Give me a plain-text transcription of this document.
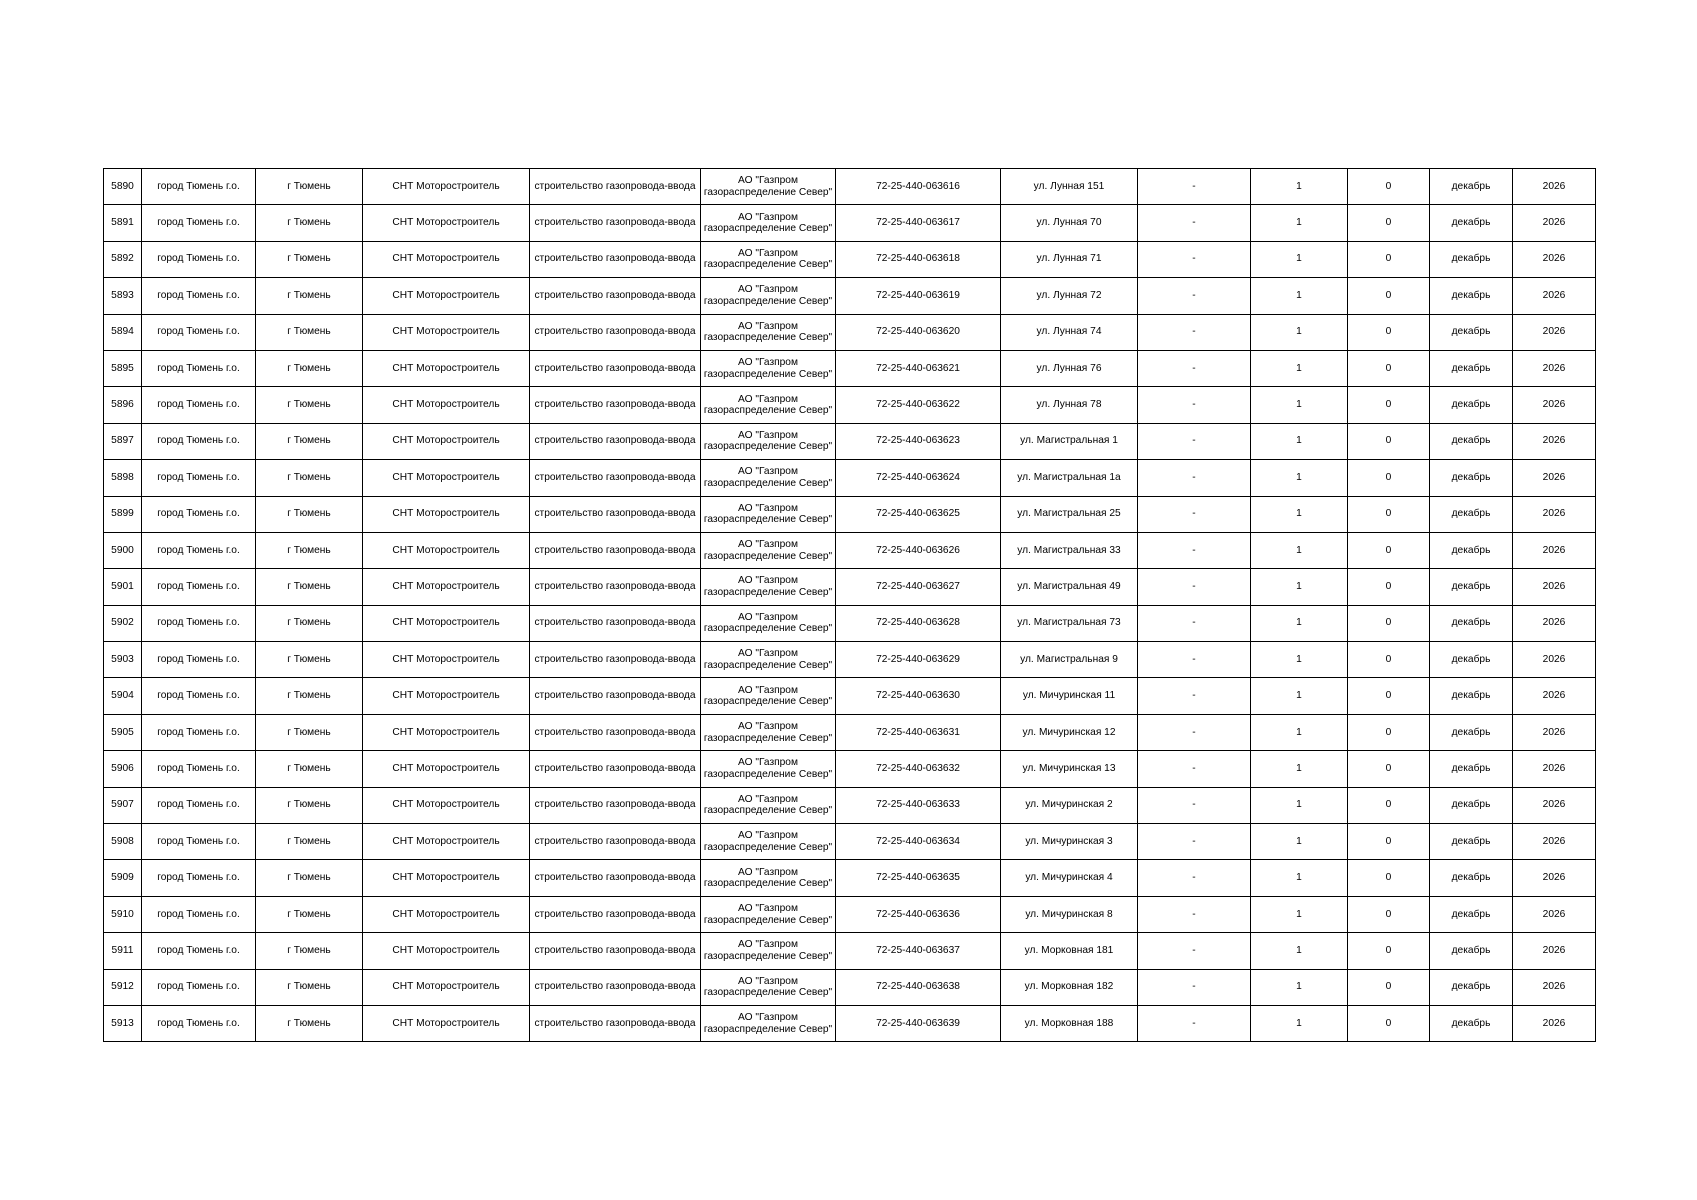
5890	город Тюмень г.о.	г Тюмень	СНТ Моторостроитель	строительство газопровода-ввода	АО "Газпром
газораспределение Север"	72-25-440-063616	ул. Лунная 151	-	1	0	декабрь	2026
5891	город Тюмень г.о.	г Тюмень	СНТ Моторостроитель	строительство газопровода-ввода	АО "Газпром
газораспределение Север"	72-25-440-063617	ул. Лунная 70	-	1	0	декабрь	2026
5892	город Тюмень г.о.	г Тюмень	СНТ Моторостроитель	строительство газопровода-ввода	АО "Газпром
газораспределение Север"	72-25-440-063618	ул. Лунная 71	-	1	0	декабрь	2026
5893	город Тюмень г.о.	г Тюмень	СНТ Моторостроитель	строительство газопровода-ввода	АО "Газпром
газораспределение Север"	72-25-440-063619	ул. Лунная 72	-	1	0	декабрь	2026
5894	город Тюмень г.о.	г Тюмень	СНТ Моторостроитель	строительство газопровода-ввода	АО "Газпром
газораспределение Север"	72-25-440-063620	ул. Лунная 74	-	1	0	декабрь	2026
5895	город Тюмень г.о.	г Тюмень	СНТ Моторостроитель	строительство газопровода-ввода	АО "Газпром
газораспределение Север"	72-25-440-063621	ул. Лунная 76	-	1	0	декабрь	2026
5896	город Тюмень г.о.	г Тюмень	СНТ Моторостроитель	строительство газопровода-ввода	АО "Газпром
газораспределение Север"	72-25-440-063622	ул. Лунная 78	-	1	0	декабрь	2026
5897	город Тюмень г.о.	г Тюмень	СНТ Моторостроитель	строительство газопровода-ввода	АО "Газпром
газораспределение Север"	72-25-440-063623	ул. Магистральная 1	-	1	0	декабрь	2026
5898	город Тюмень г.о.	г Тюмень	СНТ Моторостроитель	строительство газопровода-ввода	АО "Газпром
газораспределение Север"	72-25-440-063624	ул. Магистральная 1а	-	1	0	декабрь	2026
5899	город Тюмень г.о.	г Тюмень	СНТ Моторостроитель	строительство газопровода-ввода	АО "Газпром
газораспределение Север"	72-25-440-063625	ул. Магистральная 25	-	1	0	декабрь	2026
5900	город Тюмень г.о.	г Тюмень	СНТ Моторостроитель	строительство газопровода-ввода	АО "Газпром
газораспределение Север"	72-25-440-063626	ул. Магистральная 33	-	1	0	декабрь	2026
5901	город Тюмень г.о.	г Тюмень	СНТ Моторостроитель	строительство газопровода-ввода	АО "Газпром
газораспределение Север"	72-25-440-063627	ул. Магистральная 49	-	1	0	декабрь	2026
5902	город Тюмень г.о.	г Тюмень	СНТ Моторостроитель	строительство газопровода-ввода	АО "Газпром
газораспределение Север"	72-25-440-063628	ул. Магистральная 73	-	1	0	декабрь	2026
5903	город Тюмень г.о.	г Тюмень	СНТ Моторостроитель	строительство газопровода-ввода	АО "Газпром
газораспределение Север"	72-25-440-063629	ул. Магистральная 9	-	1	0	декабрь	2026
5904	город Тюмень г.о.	г Тюмень	СНТ Моторостроитель	строительство газопровода-ввода	АО "Газпром
газораспределение Север"	72-25-440-063630	ул. Мичуринская 11	-	1	0	декабрь	2026
5905	город Тюмень г.о.	г Тюмень	СНТ Моторостроитель	строительство газопровода-ввода	АО "Газпром
газораспределение Север"	72-25-440-063631	ул. Мичуринская 12	-	1	0	декабрь	2026
5906	город Тюмень г.о.	г Тюмень	СНТ Моторостроитель	строительство газопровода-ввода	АО "Газпром
газораспределение Север"	72-25-440-063632	ул. Мичуринская 13	-	1	0	декабрь	2026
5907	город Тюмень г.о.	г Тюмень	СНТ Моторостроитель	строительство газопровода-ввода	АО "Газпром
газораспределение Север"	72-25-440-063633	ул. Мичуринская 2	-	1	0	декабрь	2026
5908	город Тюмень г.о.	г Тюмень	СНТ Моторостроитель	строительство газопровода-ввода	АО "Газпром
газораспределение Север"	72-25-440-063634	ул. Мичуринская 3	-	1	0	декабрь	2026
5909	город Тюмень г.о.	г Тюмень	СНТ Моторостроитель	строительство газопровода-ввода	АО "Газпром
газораспределение Север"	72-25-440-063635	ул. Мичуринская 4	-	1	0	декабрь	2026
5910	город Тюмень г.о.	г Тюмень	СНТ Моторостроитель	строительство газопровода-ввода	АО "Газпром
газораспределение Север"	72-25-440-063636	ул. Мичуринская 8	-	1	0	декабрь	2026
5911	город Тюмень г.о.	г Тюмень	СНТ Моторостроитель	строительство газопровода-ввода	АО "Газпром
газораспределение Север"	72-25-440-063637	ул. Морковная 181	-	1	0	декабрь	2026
5912	город Тюмень г.о.	г Тюмень	СНТ Моторостроитель	строительство газопровода-ввода	АО "Газпром
газораспределение Север"	72-25-440-063638	ул. Морковная 182	-	1	0	декабрь	2026
5913	город Тюмень г.о.	г Тюмень	СНТ Моторостроитель	строительство газопровода-ввода	АО "Газпром
газораспределение Север"	72-25-440-063639	ул. Морковная 188	-	1	0	декабрь	2026
